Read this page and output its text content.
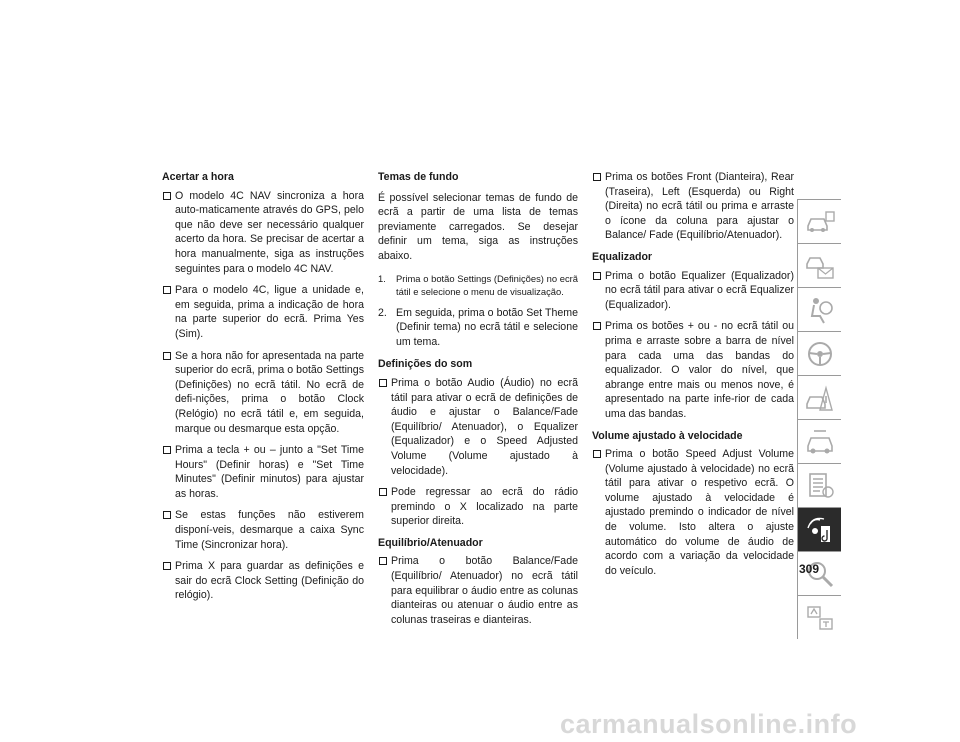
Acertar a hora
O modelo 4C NAV sincroniza a hora auto-maticamente através do GPS, pelo que não deve ser necessário qualquer acerto da hora. Se precisar de acertar a hora manualmente, siga as instruções seguintes para o modelo 4C NAV.
Para o modelo 4C, ligue a unidade e, em seguida, prima a indicação de hora na parte superior do ecrã. Prima Yes (Sim).
Se a hora não for apresentada na parte superior do ecrã, prima o botão Settings (Definições) no ecrã tátil. No ecrã de defi-nições, prima o botão Clock (Relógio) no ecrã tátil e, em seguida, marque ou desmarque esta opção.
Prima a tecla + ou – junto a "Set Time Hours" (Definir horas) e "Set Time Minutes" (Definir minutos) para ajustar as horas.
Se estas funções não estiverem disponí-veis, desmarque a caixa Sync Time (Sincronizar hora).
Prima X para guardar as definições e sair do ecrã Clock Setting (Definição do relógio).
Temas de fundo
É possível selecionar temas de fundo de ecrã a partir de uma lista de temas previamente carregados. Se desejar definir um tema, siga as instruções abaixo.
1. Prima o botão Settings (Definições) no ecrã tátil e selecione o menu de visualização.
2. Em seguida, prima o botão Set Theme (Definir tema) no ecrã tátil e selecione um tema.
Definições do som
Prima o botão Audio (Áudio) no ecrã tátil para ativar o ecrã de definições de áudio e ajustar o Balance/Fade (Equilíbrio/ Atenuador), o Equalizer (Equalizador) e o Speed Adjusted Volume (Volume ajustado à velocidade).
Pode regressar ao ecrã do rádio premindo o X localizado na parte superior direita.
Equilíbrio/Atenuador
Prima o botão Balance/Fade (Equilíbrio/ Atenuador) no ecrã tátil para equilibrar o áudio entre as colunas dianteiras ou atenuar o áudio entre as colunas traseiras e dianteiras.
Prima os botões Front (Dianteira), Rear (Traseira), Left (Esquerda) ou Right (Direita) no ecrã tátil ou prima e arraste o ícone da coluna para ajustar o Balance/ Fade (Equilíbrio/Atenuador).
Equalizador
Prima o botão Equalizer (Equalizador) no ecrã tátil para ativar o ecrã Equalizer (Equalizador).
Prima os botões + ou - no ecrã tátil ou prima e arraste sobre a barra de nível para cada uma das bandas do equalizador. O valor do nível, que abrange entre mais ou menos nove, é apresentado na parte infe-rior de cada uma das bandas.
Volume ajustado à velocidade
Prima o botão Speed Adjust Volume (Volume ajustado à velocidade) no ecrã tátil para ativar o respetivo ecrã. O volume ajustado à velocidade é ajustado premindo o indicador de nível de volume. Isto altera o ajuste automático do volume de áudio de acordo com a variação da velocidade do veículo.	309
carmanualsonline.info
